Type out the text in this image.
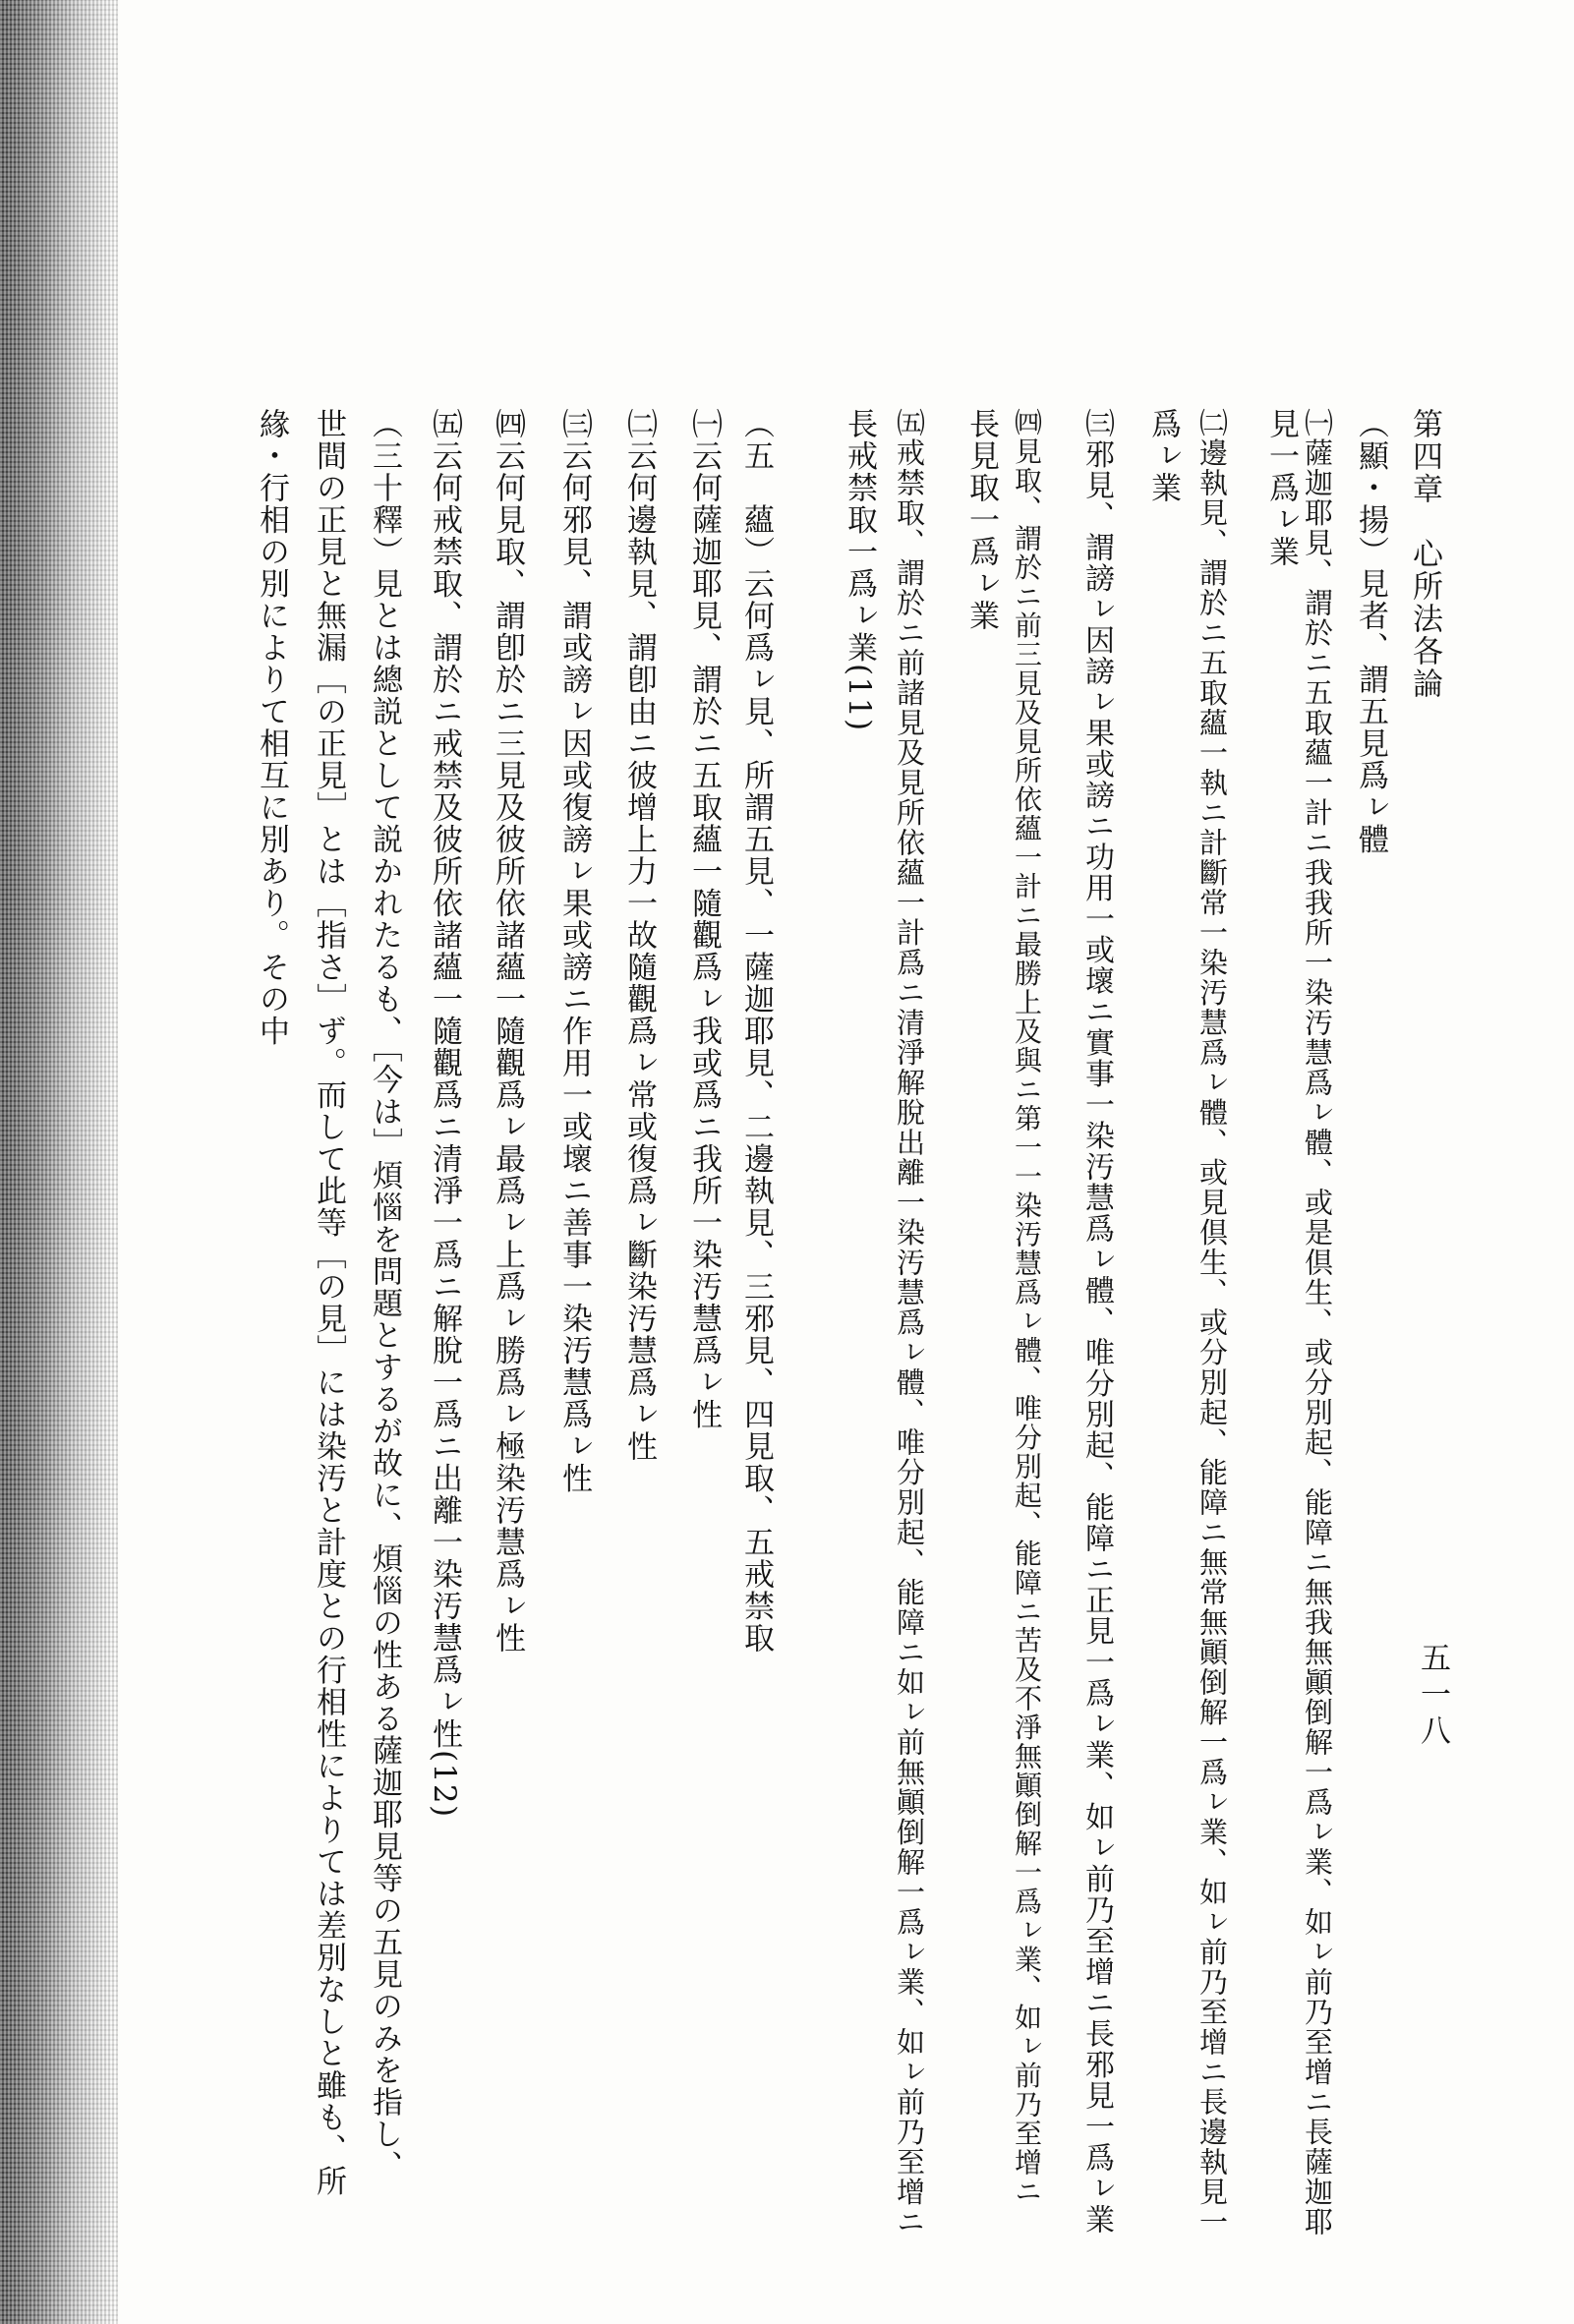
第四章　心所法各論
五一八
（顯・揚）見者、謂五見爲ㇾ體
㈠薩迦耶見、謂於ニ五取蘊一計ニ我我所一染汚慧爲ㇾ體、或是倶生、或分別起、能障ニ無我無顚倒解一爲ㇾ業、如ㇾ前乃至增ニ長薩迦耶
見一爲ㇾ業
㈡邊執見、謂於ニ五取蘊一執ニ計斷常一染汚慧爲ㇾ體、或見倶生、或分別起、能障ニ無常無顚倒解一爲ㇾ業、如ㇾ前乃至增ニ長邊執見一
爲ㇾ業
㈢邪見、謂謗ㇾ因謗ㇾ果或謗ニ功用一或壞ニ實事一染汚慧爲ㇾ體、唯分別起、能障ニ正見一爲ㇾ業、如ㇾ前乃至增ニ長邪見一爲ㇾ業
㈣見取、謂於ニ前三見及見所依蘊一計ニ最勝上及與ニ第一一染汚慧爲ㇾ體、唯分別起、能障ニ苦及不淨無顚倒解一爲ㇾ業、如ㇾ前乃至增ニ
長見取一爲ㇾ業
㈤戒禁取、謂於ニ前諸見及見所依蘊一計爲ニ清淨解脫出離一染汚慧爲ㇾ體、唯分別起、能障ニ如ㇾ前無顚倒解一爲ㇾ業、如ㇾ前乃至增ニ
長戒禁取一爲ㇾ業(11)
（五　蘊）云何爲ㇾ見、所謂五見、一薩迦耶見、二邊執見、三邪見、四見取、五戒禁取
㈠云何薩迦耶見、謂於ニ五取蘊一隨觀爲ㇾ我或爲ニ我所一染汚慧爲ㇾ性
㈡云何邊執見、謂卽由ニ彼增上力一故隨觀爲ㇾ常或復爲ㇾ斷染汚慧爲ㇾ性
㈢云何邪見、謂或謗ㇾ因或復謗ㇾ果或謗ニ作用一或壞ニ善事一染汚慧爲ㇾ性
㈣云何見取、謂卽於ニ三見及彼所依諸蘊一隨觀爲ㇾ最爲ㇾ上爲ㇾ勝爲ㇾ極染汚慧爲ㇾ性
㈤云何戒禁取、謂於ニ戒禁及彼所依諸蘊一隨觀爲ニ清淨一爲ニ解脫一爲ニ出離一染汚慧爲ㇾ性(12)
（三十釋）見とは總説として説かれたるも、［今は］煩惱を問題とするが故に、煩惱の性ある薩迦耶見等の五見のみを指し、
世間の正見と無漏［の正見］とは［指さ］ず。而して此等［の見］には染汚と計度との行相性によりては差別なしと雖も、所
緣・行相の別によりて相互に別あり。その中
